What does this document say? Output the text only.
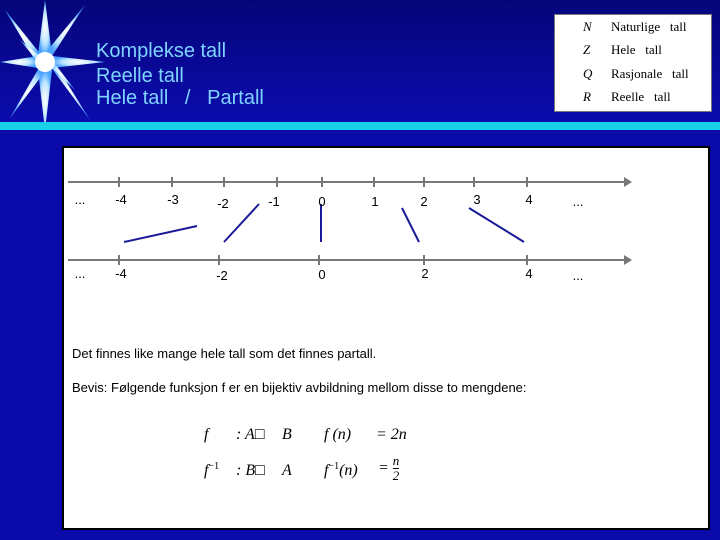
Komplekse tall
Reelle tall
Hele tall   /   Partall
N Naturlige   tall
Z Hele   tall
Q Rasjonale   tall
R Reelle   tall
... -4	-3	-2	-1	0	1	2	3	4	...
... -4	-2	0	2	4	...
Det finnes like mange hele tall som det finnes partall.
Bevis: Følgende funksjon f er en bijektiv avbildning mellom disse to mengdene:
f : A□ B f (n) = 2n
$f^{-1}$ : B□ A $f^{-1}(n) = \frac{n}{2}$
